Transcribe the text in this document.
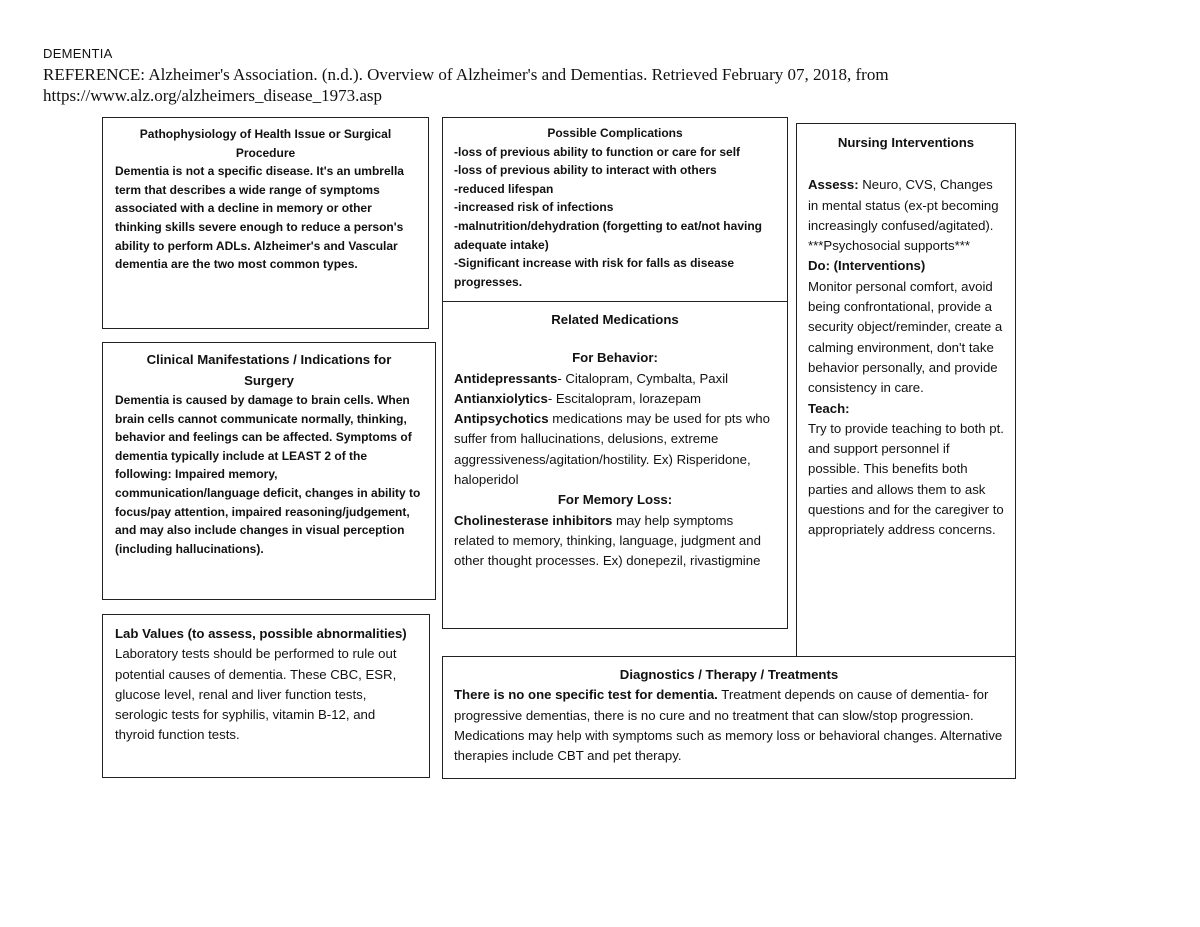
DEMENTIA
REFERENCE: Alzheimer's Association. (n.d.). Overview of Alzheimer's and Dementias. Retrieved February 07, 2018, from
https://www.alz.org/alzheimers_disease_1973.asp

Pathophysiology of Health Issue or Surgical Procedure

Dementia is not a specific disease. It's an umbrella term that describes a wide range of symptoms associated with a decline in memory or other thinking skills severe enough to reduce a person's ability to perform ADLs. Alzheimer's and Vascular dementia are the two most common types.

Possible Complications

-loss of previous ability to function or care for self

-loss of previous ability to interact with others

-reduced lifespan

-increased risk of infections

-malnutrition/dehydration (forgetting to eat/not having adequate intake)

-Significant increase with risk for falls as disease progresses.

Nursing Interventions

Assess: Neuro, CVS, Changes in mental status (ex-pt becoming increasingly confused/agitated).

***Psychosocial supports***

Do: (Interventions)

Monitor personal comfort, avoid being confrontational, provide a security object/reminder, create a calming environment, don't take behavior personally, and provide consistency in care.

Teach:

Try to provide teaching to both pt. and support personnel if possible. This benefits both parties and allows them to ask questions and for the caregiver to appropriately address concerns.

Clinical Manifestations / Indications for Surgery

Dementia is caused by damage to brain cells. When brain cells cannot communicate normally, thinking, behavior and feelings can be affected. Symptoms of dementia typically include at LEAST 2 of the following: Impaired memory, communication/language deficit, changes in ability to focus/pay attention, impaired reasoning/judgement, and may also include changes in visual perception (including hallucinations).

Related Medications

For Behavior:

Antidepressants- Citalopram, Cymbalta, Paxil

Antianxiolytics- Escitalopram, lorazepam

Antipsychotics medications may be used for pts who suffer from hallucinations, delusions, extreme aggressiveness/agitation/hostility. Ex) Risperidone, haloperidol

For Memory Loss:

Cholinesterase inhibitors may help symptoms related to memory, thinking, language, judgment and other thought processes. Ex) donepezil, rivastigmine

Lab Values (to assess, possible abnormalities)

Laboratory tests should be performed to rule out potential causes of dementia. These CBC, ESR, glucose level, renal and liver function tests, serologic tests for syphilis, vitamin B-12, and thyroid function tests.

Diagnostics / Therapy / Treatments

There is no one specific test for dementia. Treatment depends on cause of dementia- for progressive dementias, there is no cure and no treatment that can slow/stop progression. Medications may help with symptoms such as memory loss or behavioral changes. Alternative therapies include CBT and pet therapy.
